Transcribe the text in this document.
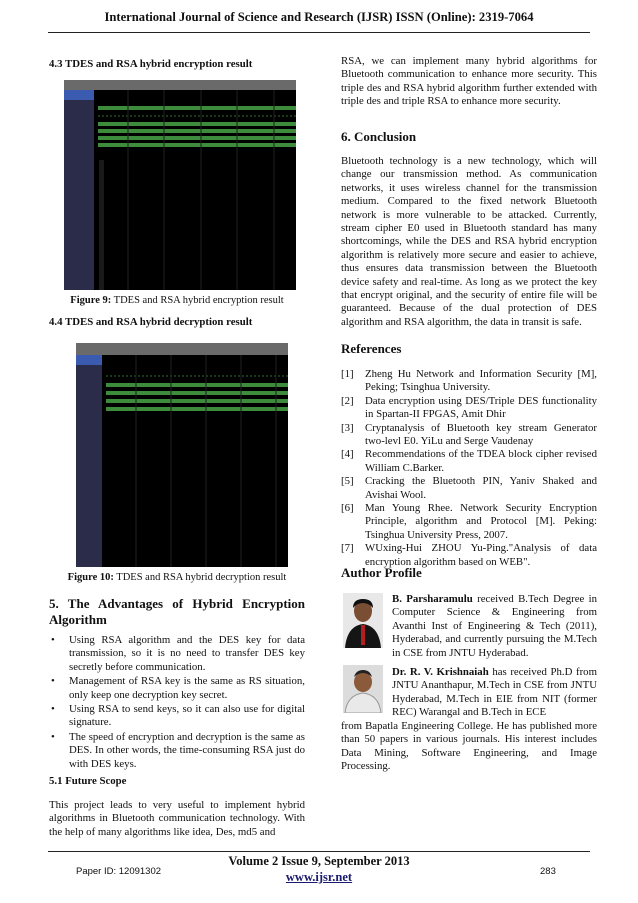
International Journal of Science and Research (IJSR) ISSN (Online): 2319-7064
4.3 TDES and RSA hybrid encryption result
4.4 TDES and RSA hybrid decryption result
Figure 9: TDES and RSA hybrid encryption result
Figure 10: TDES and RSA hybrid decryption result
5. The Advantages of Hybrid Encryption Algorithm
• Using RSA algorithm and the DES key for data transmission, so it is no need to transfer DES key secretly before communication.
• Management of RSA key is the same as RS situation, only keep one decryption key secret.
• Using RSA to send keys, so it can also use for digital signature.
• The speed of encryption and decryption is the same as DES. In other words, the time-consuming RSA just do with DES keys.
5.1 Future Scope
This project leads to very useful to implement hybrid algorithms in Bluetooth communication technology. With the help of many algorithms like idea, Des, md5 and
RSA, we can implement many hybrid algorithms for Bluetooth communication to enhance more security. This triple des and RSA hybrid algorithm further extended with triple des and triple RSA to enhance more security.
6. Conclusion
Bluetooth technology is a new technology, which will change our transmission method. As communication networks, it uses wireless channel for the transmission medium. Compared to the fixed network Bluetooth network is more vulnerable to be attacked. Currently, stream cipher E0 used in Bluetooth standard has many shortcomings, while the DES and RSA hybrid encryption algorithm is relatively more secure and easier to achieve, thus ensures data transmission between the Bluetooth device safety and real-time. As long as we protect the key that encrypt original, and the security of entire file will be guaranteed. Because of the dual protection of DES algorithm and RSA algorithm, the data in transit is safe.
References
[1] Zheng Hu Network and Information Security [M], Peking; Tsinghua University.
[2] Data encryption using DES/Triple DES functionality in Spartan-II FPGAS, Amit Dhir
[3] Cryptanalysis of Bluetooth key stream Generator two-levl E0. YiLu and Serge Vaudenay
[4] Recommendations of the TDEA block cipher revised William C.Barker.
[5] Cracking the Bluetooth PIN, Yaniv Shaked and Avishai Wool.
[6] Man Young Rhee. Network Security Encryption Principle, algorithm and Protocol [M]. Peking: Tsinghua University Press, 2007.
[7] WUxing-Hui ZHOU Yu-Ping."Analysis of data encryption algorithm based on WEB".
Author Profile
B. Parsharamulu received B.Tech Degree in Computer Science & Engineering from Avanthi Inst of Engineering & Tech (2011), Hyderabad, and currently pursuing the M.Tech in CSE from JNTU Hyderabad.
Dr. R. V. Krishnaiah has received Ph.D from JNTU Ananthapur, M.Tech in CSE from JNTU Hyderabad, M.Tech in EIE from NIT (former REC) Warangal and B.Tech in ECE
from Bapatla Engineering College. He has published more than 50 papers in various journals. His interest includes Data Mining, Software Engineering, and Image Processing.
Volume 2 Issue 9, September 2013
www.ijsr.net
Paper ID: 12091302	283
